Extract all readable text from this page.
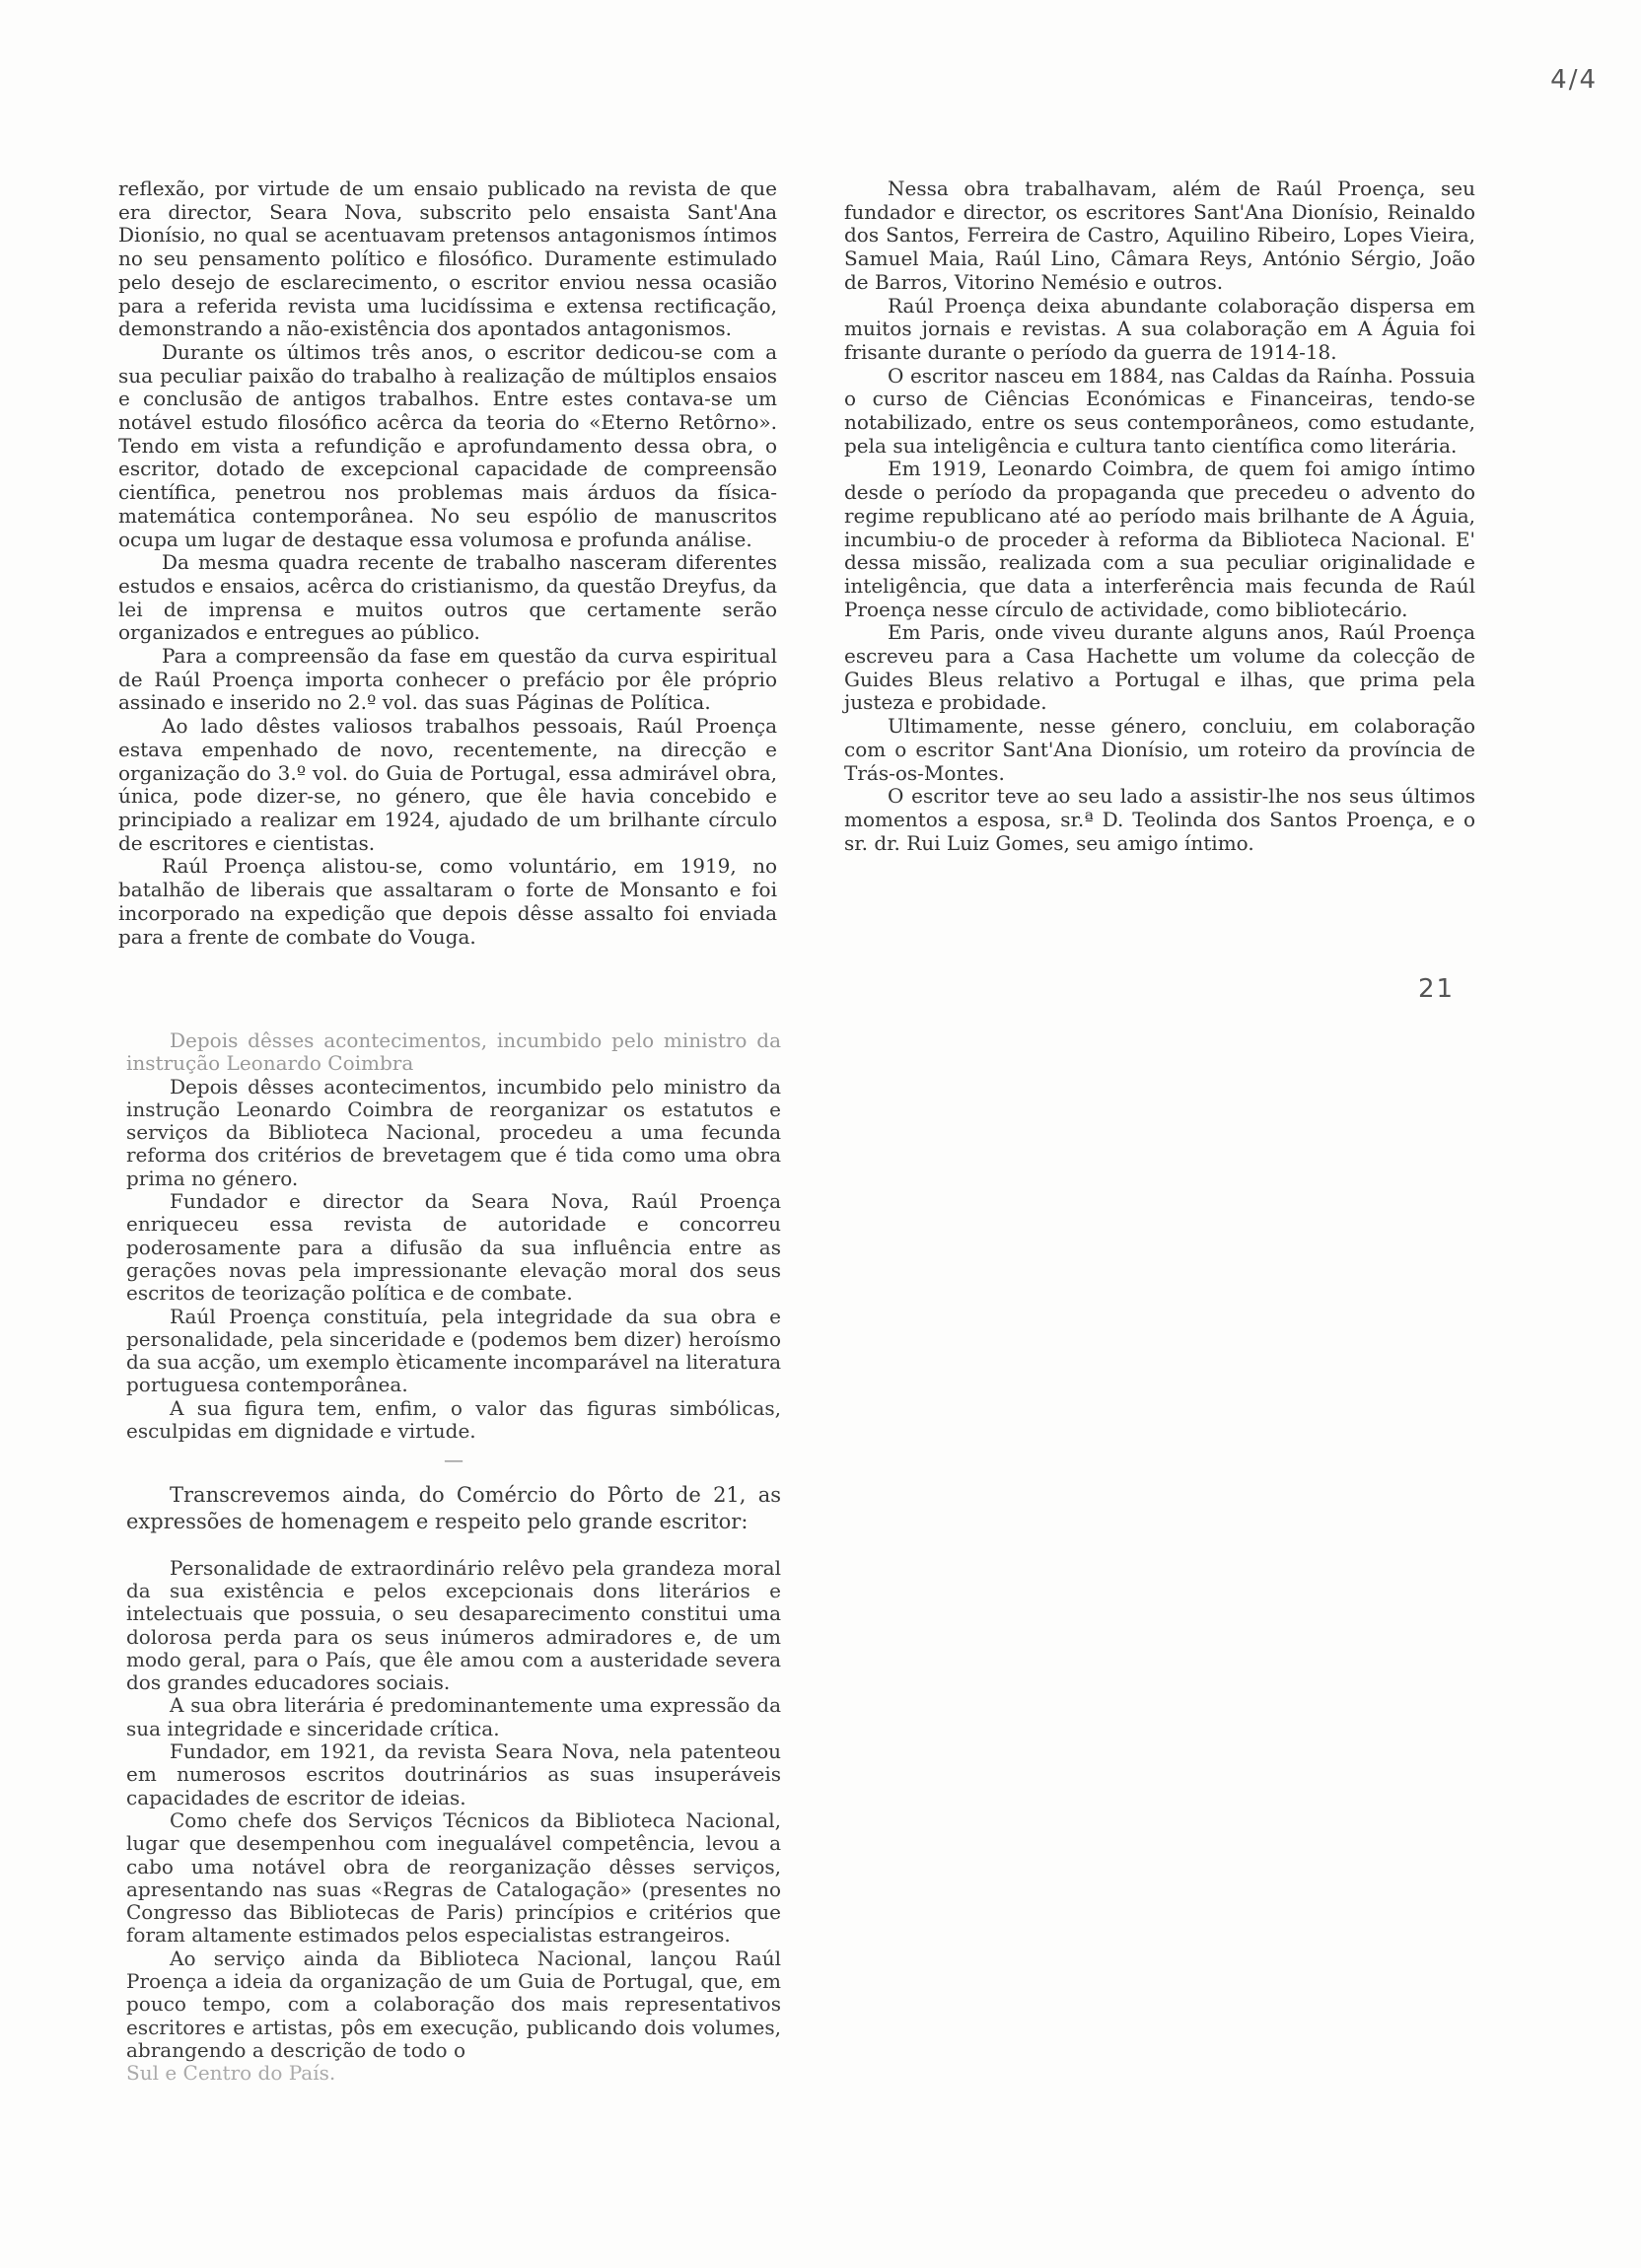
4/4

reflexão, por virtude de um ensaio publicado na revista de que era director, Seara Nova, subscrito pelo ensaista Sant'Ana Dionísio, no qual se acentuavam pretensos antagonismos íntimos no seu pensamento político e filosófico. Duramente estimulado pelo desejo de esclarecimento, o escritor enviou nessa ocasião para a referida revista uma lucidíssima e extensa rectificação, demonstrando a não-existência dos apontados antagonismos.

Durante os últimos três anos, o escritor dedicou-se com a sua peculiar paixão do trabalho à realização de múltiplos ensaios e conclusão de antigos trabalhos. Entre estes contava-se um notável estudo filosófico acêrca da teoria do «Eterno Retôrno». Tendo em vista a refundição e aprofundamento dessa obra, o escritor, dotado de excepcional capacidade de compreensão científica, penetrou nos problemas mais árduos da física-matemática contemporânea. No seu espólio de manuscritos ocupa um lugar de destaque essa volumosa e profunda análise.

Da mesma quadra recente de trabalho nasceram diferentes estudos e ensaios, acêrca do cristianismo, da questão Dreyfus, da lei de imprensa e muitos outros que certamente serão organizados e entregues ao público.

Para a compreensão da fase em questão da curva espiritual de Raúl Proença importa conhecer o prefácio por êle próprio assinado e inserido no 2.º vol. das suas Páginas de Política.

Ao lado dêstes valiosos trabalhos pessoais, Raúl Proença estava empenhado de novo, recentemente, na direcção e organização do 3.º vol. do Guia de Portugal, essa admirável obra, única, pode dizer-se, no género, que êle havia concebido e principiado a realizar em 1924, ajudado de um brilhante círculo de escritores e cientistas.

Raúl Proença alistou-se, como voluntário, em 1919, no batalhão de liberais que assaltaram o forte de Monsanto e foi incorporado na expedição que depois dêsse assalto foi enviada para a frente de combate do Vouga.

Nessa obra trabalhavam, além de Raúl Proença, seu fundador e director, os escritores Sant'Ana Dionísio, Reinaldo dos Santos, Ferreira de Castro, Aquilino Ribeiro, Lopes Vieira, Samuel Maia, Raúl Lino, Câmara Reys, António Sérgio, João de Barros, Vitorino Nemésio e outros.

Raúl Proença deixa abundante colaboração dispersa em muitos jornais e revistas. A sua colaboração em A Águia foi frisante durante o período da guerra de 1914-18.

O escritor nasceu em 1884, nas Caldas da Raínha. Possuia o curso de Ciências Económicas e Financeiras, tendo-se notabilizado, entre os seus contemporâneos, como estudante, pela sua inteligência e cultura tanto científica como literária.

Em 1919, Leonardo Coimbra, de quem foi amigo íntimo desde o período da propaganda que precedeu o advento do regime republicano até ao período mais brilhante de A Águia, incumbiu-o de proceder à reforma da Biblioteca Nacional. E' dessa missão, realizada com a sua peculiar originalidade e inteligência, que data a interferência mais fecunda de Raúl Proença nesse círculo de actividade, como bibliotecário.

Em Paris, onde viveu durante alguns anos, Raúl Proença escreveu para a Casa Hachette um volume da colecção de Guides Bleus relativo a Portugal e ilhas, que prima pela justeza e probidade.

Ultimamente, nesse género, concluiu, em colaboração com o escritor Sant'Ana Dionísio, um roteiro da província de Trás-os-Montes.

O escritor teve ao seu lado a assistir-lhe nos seus últimos momentos a esposa, sr.ª D. Teolinda dos Santos Proença, e o sr. dr. Rui Luiz Gomes, seu amigo íntimo.

21

Depois dêsses acontecimentos, incumbido pelo ministro da instrução Leonardo Coimbra

Depois dêsses acontecimentos, incumbido pelo ministro da instrução Leonardo Coimbra de reorganizar os estatutos e serviços da Biblioteca Nacional, procedeu a uma fecunda reforma dos critérios de brevetagem que é tida como uma obra prima no género.

Fundador e director da Seara Nova, Raúl Proença enriqueceu essa revista de autoridade e concorreu poderosamente para a difusão da sua influência entre as gerações novas pela impressionante elevação moral dos seus escritos de teorização política e de combate.

Raúl Proença constituía, pela integridade da sua obra e personalidade, pela sinceridade e (podemos bem dizer) heroísmo da sua acção, um exemplo èticamente incomparável na literatura portuguesa contemporânea.

A sua figura tem, enfim, o valor das figuras simbólicas, esculpidas em dignidade e virtude.

—

Transcrevemos ainda, do Comércio do Pôrto de 21, as expressões de homenagem e respeito pelo grande escritor:

Personalidade de extraordinário relêvo pela grandeza moral da sua existência e pelos excepcionais dons literários e intelectuais que possuia, o seu desaparecimento constitui uma dolorosa perda para os seus inúmeros admiradores e, de um modo geral, para o País, que êle amou com a austeridade severa dos grandes educadores sociais.

A sua obra literária é predominantemente uma expressão da sua integridade e sinceridade crítica.

Fundador, em 1921, da revista Seara Nova, nela patenteou em numerosos escritos doutrinários as suas insuperáveis capacidades de escritor de ideias.

Como chefe dos Serviços Técnicos da Biblioteca Nacional, lugar que desempenhou com inegualável competência, levou a cabo uma notável obra de reorganização dêsses serviços, apresentando nas suas «Regras de Catalogação» (presentes no Congresso das Bibliotecas de Paris) princípios e critérios que foram altamente estimados pelos especialistas estrangeiros.

Ao serviço ainda da Biblioteca Nacional, lançou Raúl Proença a ideia da organização de um Guia de Portugal, que, em pouco tempo, com a colaboração dos mais representativos escritores e artistas, pôs em execução, publicando dois volumes, abrangendo a descrição de todo o

Sul e Centro do País.
